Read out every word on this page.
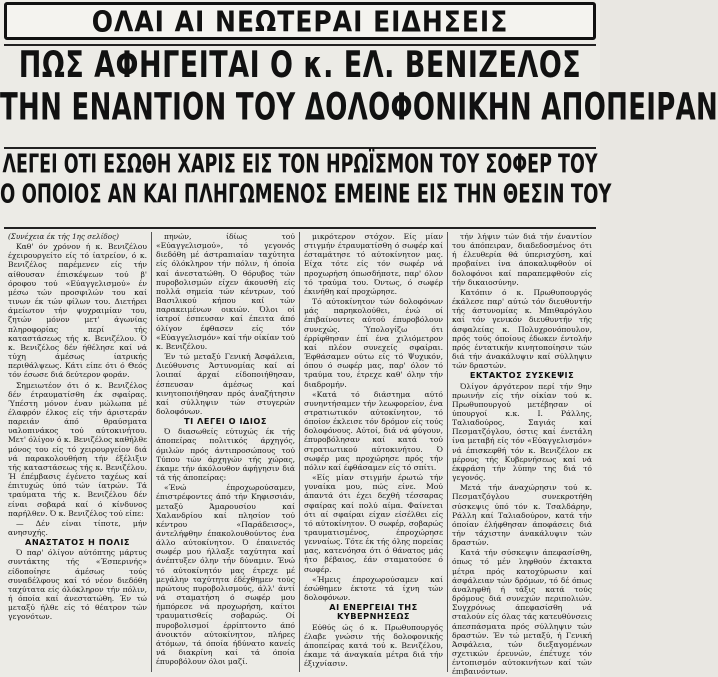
ΟΛΑΙ ΑΙ ΝΕΩΤΕΡΑΙ ΕΙΔΗΣΕΙΣ
ΠΩΣ ΑΦΗΓΕΙΤΑΙ Ο κ. ΕΛ. ΒΕΝΙΖΕΛΟΣ
ΤΗΝ ΕΝΑΝΤΙΟΝ ΤΟΥ ΔΟΛΟΦΟΝΙΚΗΝ ΑΠΟΠΕΙΡΑΝ
ΛΕΓΕΙ ΟΤΙ ΕΣΩΘΗ ΧΑΡΙΣ ΕΙΣ ΤΟΝ ΗΡΩΪΣΜΟΝ ΤΟΥ ΣΟΦΕΡ ΤΟΥ
Ο ΟΠΟΙΟΣ ΑΝ ΚΑΙ ΠΛΗΓΩΜΕΝΟΣ ΕΜΕΙΝΕ ΕΙΣ ΤΗΝ ΘΕΣΙΝ ΤΟΥ

(Συνέχεια έκ τής 1ης σελίδος)

Καθ' όν χρόνον ή κ. Βενιζέλου έχειρουργείτο είς τό ίατρείον, ό κ. Βενιζέλος παρέμενεν είς τήν αίθουσαν έπισκέψεων τού β' όροφου τού «Εύαγγελισμού» έν μέσω τών προσφιλών του καί τινων έκ τών φίλων του. Διετήρει άμείωτον τήν ψυχραιμίαν του, ζητών μόνον μετ' άγωνίας πληροφορίας περί τής καταστάσεως τής κ. Βενιζέλου. Ό κ. Βενιζέλος δέν ήθέλησε καί νά τύχη άμέσως ίατρικής περιθάλψεως. Κάτι είπε ότι ό Θεός τόν έσωσε διά δεύτερον φοράν.

Σημειωτέον ότι ό κ. Βενιζέλος δέν έτραυματίσθη έκ σφαίρας. Ύπέστη μόνον έναν μώλωπα μέ έλαφρόν έλκος είς τήν άριστεράν παρειάν άπό θραύσματα υαλοπινάκος τού αύτοκινήτου. Μετ' όλίγον ό κ. Βενιζέλος καθήλθε μόνος του είς τό χειρουργείον διά νά παρακολουθήση τήν έξέλιξιν τής καταστάσεως τής κ. Βενιζέλου. Ή έπέμβασις έγένετο ταχέως καί έπιτυχώς ύπό τών ίατρών. Τά τραύματα τής κ. Βενιζέλου δέν είναι σοβαρά καί ό κίνδυνος παρήλθεν. Ό κ. Βενιζέλος τού είπε:

— Δέν είναι τίποτε, μήν ανησυχής.

ΑΝΑΣΤΑΤΟΣ Η ΠΟΛΙΣ

Ό παρ' όλίγον αύτόπτης μάρτυς συντάκτης τής «Έσπερινής» είδοποίησε άμέσως τούς συναδέλφους καί τό νέον διεδόθη ταχύτατα είς όλόκληρον τήν πόλιν, ή όποία καί άνεστατώθη. Έν τώ μεταξύ ήλθε είς τό θέατρον τών γεγονότων.

πηνών, ίδίως τού «Εύαγγελισμού», τό γεγονός διεδόθη μέ άστραπιαίαν ταχύτητα είς όλόκληρον τήν πόλιν, ή όποία καί άνεστατώθη. Ό θόρυβος τών πυροβολισμών είχεν άκουσθή είς πολλά σημεία τών κέντρων, τού Βασιλικού κήπου καί τών παρακειμένων οικιών. Όλοι οί ίατροί έσπευσαν καί έπειτα άπό όλίγον έφθασεν είς τόν «Εύαγγελισμόν» καί τήν οίκίαν τού κ. Βενιζέλου.

Έν τώ μεταξύ Γενική Άσφάλεια, Διεύθυνσις Άστυνομίας καί αί λοιπαί άρχαί είδοποιήθησαν, έσπευσαν άμέσως καί κινητοποιήθησαν πρός άναζήτησιν καί σύλληψιν τών στυγερών δολοφόνων.

ΤΙ ΛΕΓΕΙ Ο ΙΔΙΟΣ

Ό διασωθείς εύτυχώς έκ τής άποπείρας πολιτικός άρχηγός, όμιλών πρός άντιπροσώπους τού Τύπου τών άρχηγών τής χώρας, έκαμε τήν άκόλουθον άφήγησιν διά τά τής άποπείρας:

«Ένώ έπροχωρούσαμεν, έπιστρέφοντες άπό τήν Κηφισσιάν, μεταξύ Άμαρουσίου καί Χαλανδρίου καί πλησίον τού κέντρου «Παράδεισος», άντελήφθην έπακολουθούντος ένα άλλο αύτοκίνητον. Ό έπαινετός σωφέρ μου ήλλαξε ταχύτητα καί άνέπτυξεν όλην τήν δύναμιν. Ένώ τό αύτοκίνητόν μας έτρεχε μέ μεγάλην ταχύτητα έδέχθημεν τούς πρώτους πυροβολισμούς, άλλ' άντί νά σταματήση ό σωφέρ μου ήμπόρεσε νά προχωρήση, καίτοι τραυματισθείς σοβαρώς. Οί πυροβολισμοί έρρίπτοντο άπό άνοικτόν αύτοκίνητον, πλήρες άτόμων, τά όποία ήδύνατο κανείς νά διακρίνη καί τά όποία έπυροβόλουν όλοι μαζί.

μικρότερον στόχον. Είς μίαν στιγμήν έτραυματίσθη ό σωφέρ καί έσταμάτησε τό αύτοκίνητον μας. Είχα τότε είς τόν σωφέρ νά προχωρήση όπωσδήποτε, παρ' όλον τό τραύμα του. Όντως, ό σωφέρ έκινήθη καί προχώρησε.

Τό αύτοκίνητον τών δολοφόνων μάς παρηκολούθει, ένώ οί έπιβαίνοντες αύτού έπυροβόλουν συνεχώς. Ύπολογίζω ότι έρρίφθησαν έπί ένα χιλιόμετρον καί πλέον συνεχείς σφαίραι. Έφθάσαμεν ούτω είς τό Ψυχικόν, όπου ό σωφέρ μας, παρ' όλον τό τραύμα του, έτρεχε καθ' όλην τήν διαδρομήν.

«Κατά τό διάστημα αύτό συνηντήσαμεν τήν λεωφορείον, ένα στρατιωτικόν αύτοκίνητον, τό όποίον έκλεισε τόν δρόμον είς τούς δολοφόνους. Αύτοί, διά νά φύγουν, έπυροβόλησαν καί κατά τού στρατιωτικού αύτοκινήτου. Ό σωφέρ μας προχώρησε πρός τήν πόλιν καί έφθάσαμεν είς τό σπίτι.

«Είς μίαν στιγμήν έρωτώ τήν γυναίκα μου, πώς είνε. Μού άπαντά ότι έχει δεχθή τέσσαρας σφαίρας καί πολύ αίμα. Φαίνεται ότι αί σφαίραι είχαν είσέλθει είς τό αύτοκίνητον. Ό σωφέρ, σοβαρώς τραυματισμένος, έπροχώρησε γενναίως. Τότε έκ τής όλης πορείας μας, κατενόησα ότι ό θάνατος μάς ήτο βέβαιος, έάν σταματούσε ό σωφέρ.

«Ήμεις έπροχωρούσαμεν καί έσώθημεν έκτοτε τά ίχνη τών δολοφόνων.

ΑΙ ΕΝΕΡΓΕΙΑΙ ΤΗΣ ΚΥΒΕΡΝΗΣΕΩΣ

Εύθύς ώς ό κ. Πρωθυπουργός έλαβε γνώσιν τής δολοφονικής άποπείρας κατά τού κ. Βενιζέλου, έκαμε τά άναγκαία μέτρα διά τήν έξιχνίασιν.

τήν λήψιν τών διά τήν έναντίον του άπόπειραν, διαδεδοσμένος ότι ή έλευθερία θά ύπερισχύση, καί προβαίνει ίνα άποκαλυφθούν οί δολοφόνοι καί παραπεμφθούν είς τήν δικαιοσύνην.

Κατόπιν ό κ. Πρωθυπουργός έκάλεσε παρ' αύτώ τόν διευθυντήν τής άστυνομίας κ. Μπιθαρόγλου καί τόν γενικόν διευθυντήν τής άσφαλείας κ. Πολυχρονόπουλον, πρός τούς όποίους έδωκεν έντολήν πρός έντατικήν κινητοποίησιν τών διά τήν άνακάλυψιν καί σύλληψιν τών δραστών.

ΕΚΤΑΚΤΟΣ ΣΥΣΚΕΨΙΣ

Όλίγον άργότερον περί τήν 9ην πρωινήν είς τήν οίκίαν τού κ. Πρωθυπουργού μετέβησαν οί ύπουργοί κ.κ. Ι. Ράλλης, Ταλιαδούρος, Σαγιάς καί Πεσματζόγλου, όστις καί ένετάλη ίνα μεταβή είς τόν «Εύαγγελισμόν» νά έπισκεφθή τόν κ. Βενιζέλον εκ μέρους τής Κυβερνήσεως καί νά έκφράση τήν λύπην της διά τό γεγονός.

Μετά τήν άναχώρησιν τού κ. Πεσματζόγλου συνεκροτήθη σύσκεψις ύπό τόν κ. Τσαλδάρην, Ράλλη καί Ταλιαδούρον, κατά τήν όποίαν έλήφθησαν άποφάσεις διά τήν τάχιστην άνακάλυψιν τών δραστών.

Κατά τήν σύσκεψιν άπεφασίσθη, όπως τό μέν ληφθούν έκτακτα μέτρα πρός κατοχύρωσιν καί άσφάλειαν τών δρόμων, τό δέ όπως άναληφθή ή τάξις κατά τούς δρόμους διά συνεχών περιπολιών. Συγχρόνως άπεφασίσθη νά σταλούν είς όλας τάς κατευθύνσεις άπεσπάσματα πρός σύλληψιν τών δραστών. Έν τώ μεταξύ, ή Γενική Άσφάλεια, τών διεξαγομένων σχετικών έρευνών, έπέτυχε τόν έντοπισμόν αύτοκινήτων καί τών έπιβαινόντων.
